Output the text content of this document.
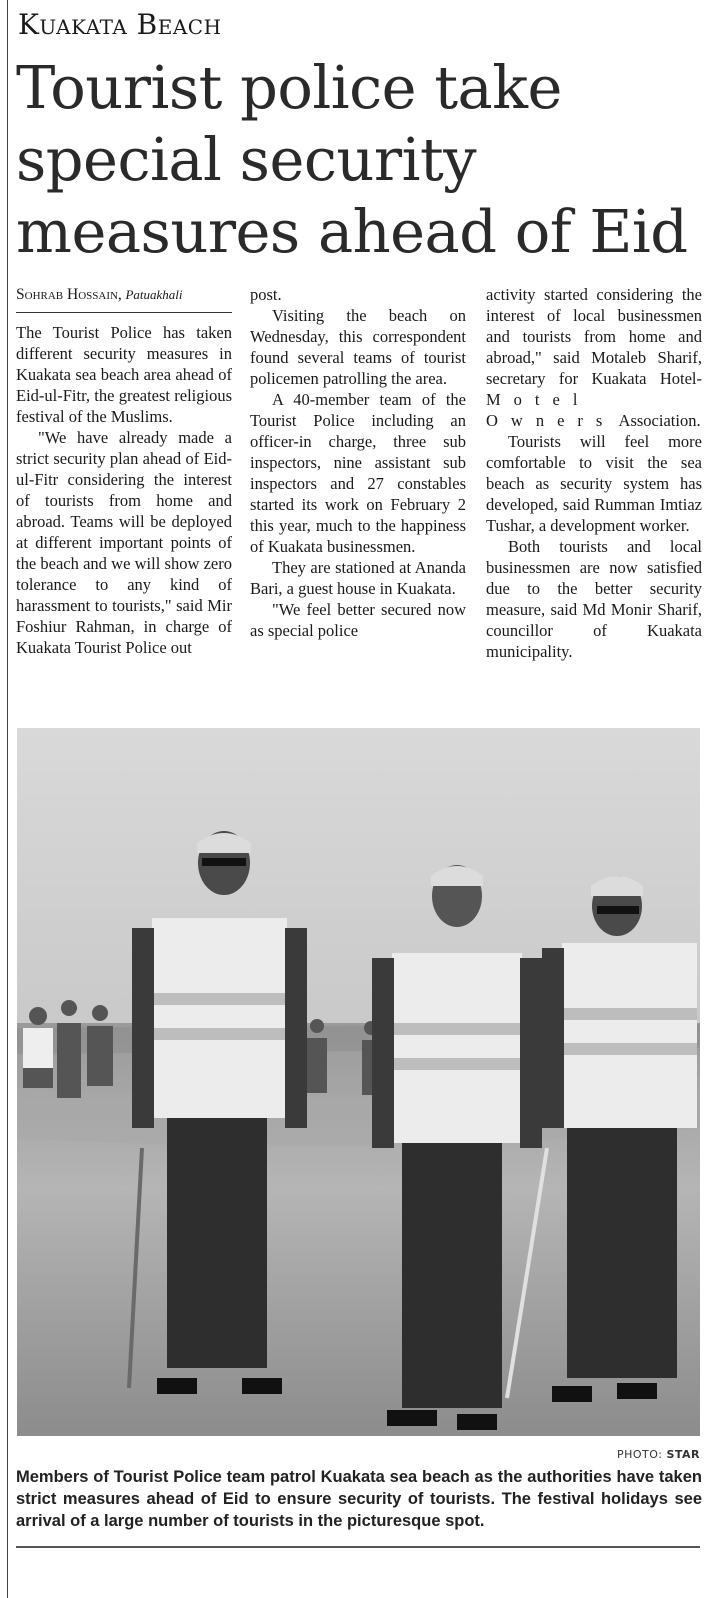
Kuakata Beach
Tourist police take special security measures ahead of Eid

Sohrab Hossain, Patuakhali

The Tourist Police has taken different security measures in Kuakata sea beach area ahead of Eid-ul-Fitr, the greatest religious festival of the Muslims.

"We have already made a strict security plan ahead of Eid-ul-Fitr considering the interest of tourists from home and abroad. Teams will be deployed at different important points of the beach and we will show zero tolerance to any kind of harassment to tourists," said Mir Foshiur Rahman, in charge of Kuakata Tourist Police out

post.

Visiting the beach on Wednesday, this correspondent found several teams of tourist policemen patrolling the area.

A 40-member team of the Tourist Police including an officer-in charge, three sub inspectors, nine assistant sub inspectors and 27 constables started its work on February 2 this year, much to the happiness of Kuakata businessmen.

They are stationed at Ananda Bari, a guest house in Kuakata.

"We feel better secured now as special police

activity started considering the interest of local businessmen and tourists from home and abroad," said Motaleb Sharif, secretary for Kuakata Hotel- Motel Owners Association.

Tourists will feel more comfortable to visit the sea beach as security system has developed, said Rumman Imtiaz Tushar, a development worker.

Both tourists and local businessmen are now satisfied due to the better security measure, said Md Monir Sharif, councillor of Kuakata municipality.

PHOTO: STAR

Members of Tourist Police team patrol Kuakata sea beach as the authorities have taken strict measures ahead of Eid to ensure security of tourists. The festival holidays see arrival of a large number of tourists in the picturesque spot.
